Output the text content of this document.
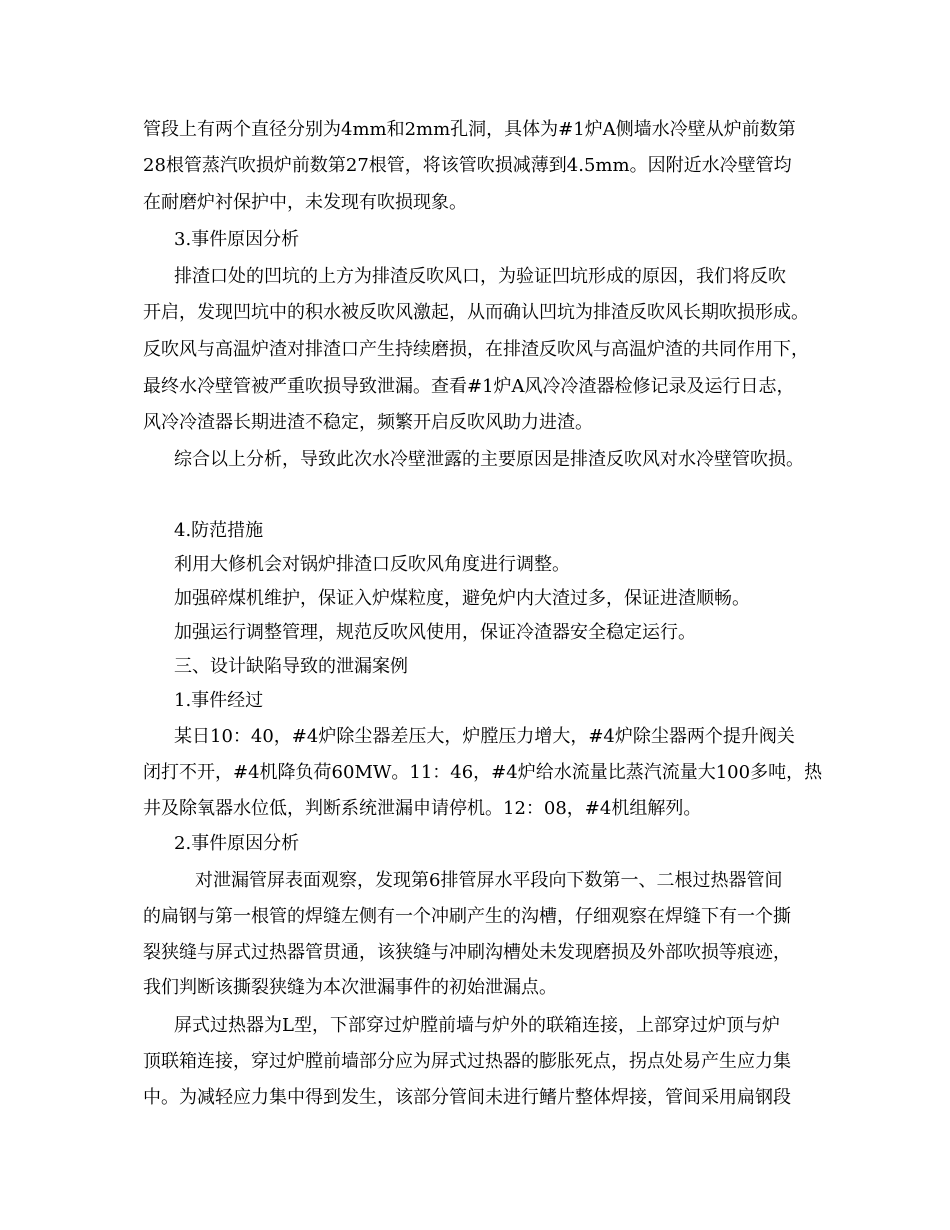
管段上有两个直径分别为4mm和2mm孔洞，具体为#1炉A侧墙水冷壁从炉前数第
28根管蒸汽吹损炉前数第27根管，将该管吹损减薄到4.5mm。因附近水冷壁管均
在耐磨炉衬保护中，未发现有吹损现象。
3.事件原因分析
排渣口处的凹坑的上方为排渣反吹风口，为验证凹坑形成的原因，我们将反吹
开启，发现凹坑中的积水被反吹风激起，从而确认凹坑为排渣反吹风长期吹损形成。
反吹风与高温炉渣对排渣口产生持续磨损，在排渣反吹风与高温炉渣的共同作用下，
最终水冷壁管被严重吹损导致泄漏。查看#1炉A风冷冷渣器检修记录及运行日志，
风冷冷渣器长期进渣不稳定，频繁开启反吹风助力进渣。
综合以上分析，导致此次水冷壁泄露的主要原因是排渣反吹风对水冷壁管吹损。
4.防范措施
利用大修机会对锅炉排渣口反吹风角度进行调整。
加强碎煤机维护，保证入炉煤粒度，避免炉内大渣过多，保证进渣顺畅。
加强运行调整管理，规范反吹风使用，保证冷渣器安全稳定运行。
三、设计缺陷导致的泄漏案例
1.事件经过
某日10：40，#4炉除尘器差压大，炉膛压力增大，#4炉除尘器两个提升阀关
闭打不开，#4机降负荷60MW。11：46，#4炉给水流量比蒸汽流量大100多吨，热
井及除氧器水位低，判断系统泄漏申请停机。12：08，#4机组解列。
2.事件原因分析
对泄漏管屏表面观察，发现第6排管屏水平段向下数第一、二根过热器管间
的扁钢与第一根管的焊缝左侧有一个冲刷产生的沟槽，仔细观察在焊缝下有一个撕
裂狭缝与屏式过热器管贯通，该狭缝与冲刷沟槽处未发现磨损及外部吹损等痕迹，
我们判断该撕裂狭缝为本次泄漏事件的初始泄漏点。
屏式过热器为L型，下部穿过炉膛前墙与炉外的联箱连接，上部穿过炉顶与炉
顶联箱连接，穿过炉膛前墙部分应为屏式过热器的膨胀死点，拐点处易产生应力集
中。为减轻应力集中得到发生，该部分管间未进行鳍片整体焊接，管间采用扁钢段
